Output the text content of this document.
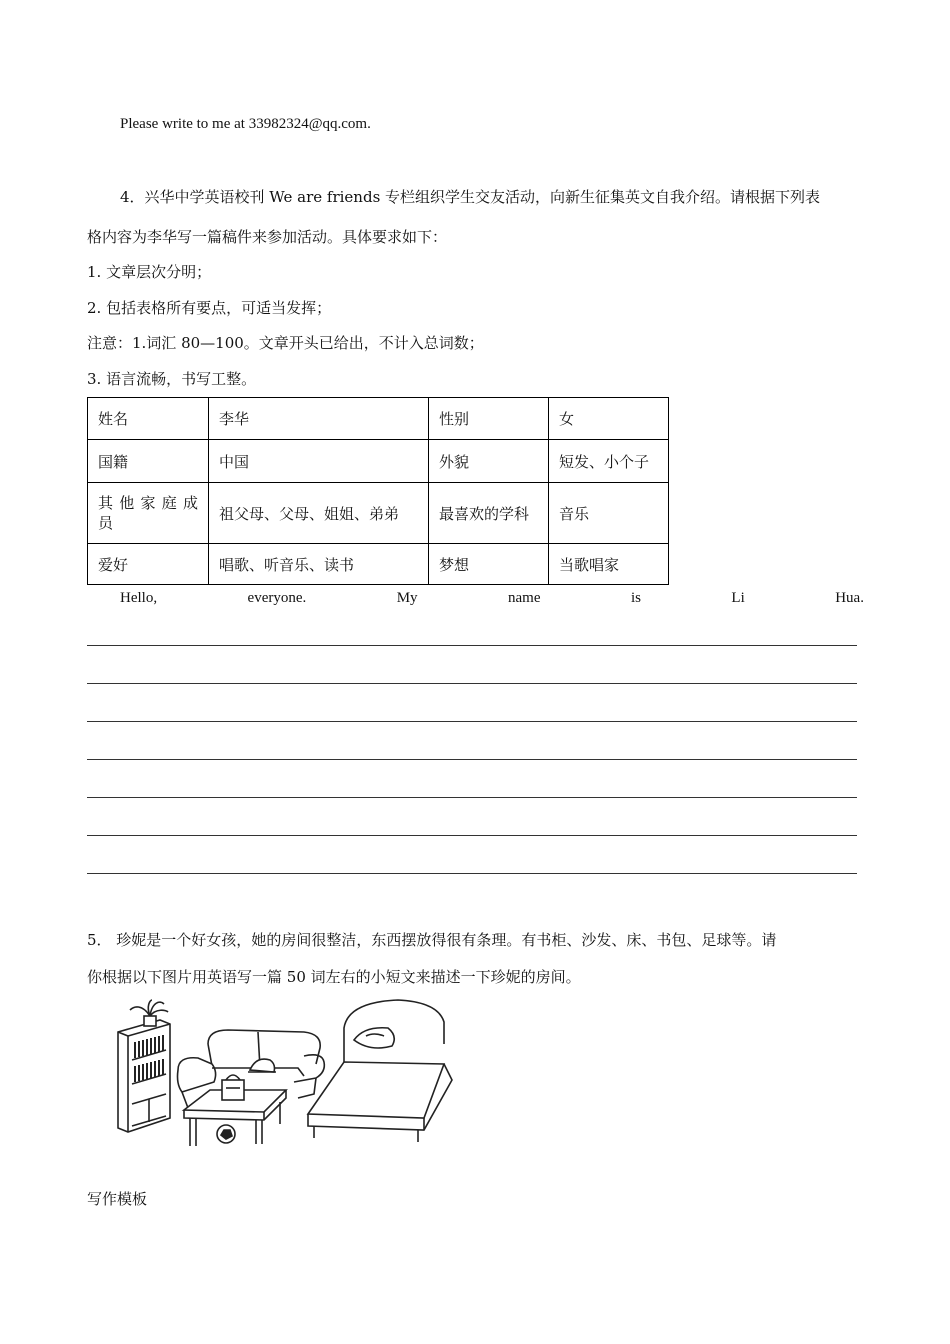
Please write to me at 33982324@qq.com.
4．兴华中学英语校刊 We are friends 专栏组织学生交友活动，向新生征集英文自我介绍。请根据下列表
格内容为李华写一篇稿件来参加活动。具体要求如下：
1. 文章层次分明；
2. 包括表格所有要点，可适当发挥；
注意：1.词汇 80—100。文章开头已给出，不计入总词数；
3. 语言流畅，书写工整。
姓名	李华	性别	女
国籍	中国	外貌	短发、小个子
其 他 家 庭 成 员	祖父母、父母、姐姐、弟弟	最喜欢的学科	音乐
爱好	唱歌、听音乐、读书	梦想	当歌唱家
Hello,	everyone.	My	name	is	Li	Hua.
5． 珍妮是一个好女孩，她的房间很整洁，东西摆放得很有条理。有书柜、沙发、床、书包、足球等。请
你根据以下图片用英语写一篇 50 词左右的小短文来描述一下珍妮的房间。
写作模板
